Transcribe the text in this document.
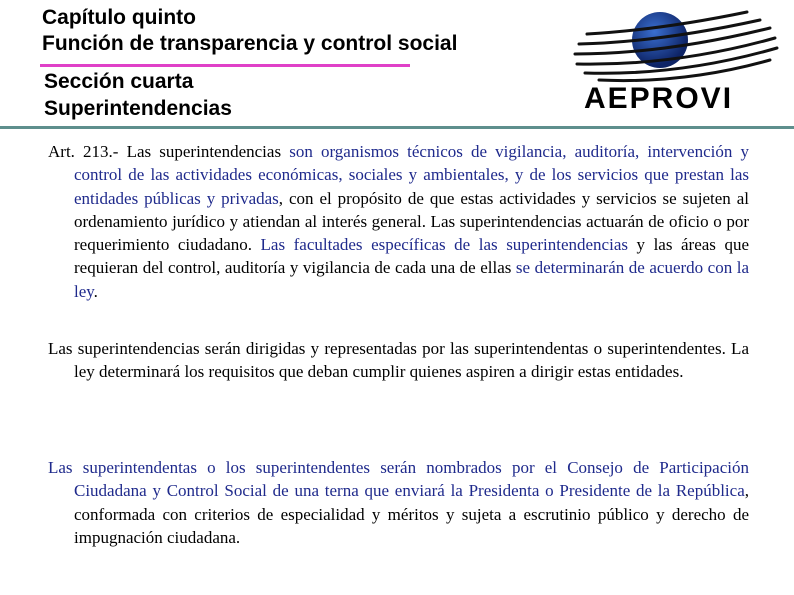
Capítulo quinto
Función de transparencia y control social
Sección cuarta
Superintendencias	AEPROVI
Art. 213.- Las superintendencias son organismos técnicos de vigilancia, auditoría, intervención y control de las actividades económicas, sociales y ambientales, y de los servicios que prestan las entidades públicas y privadas, con el propósito de que estas actividades y servicios se sujeten al ordenamiento jurídico y atiendan al interés general. Las superintendencias actuarán de oficio o por requerimiento ciudadano. Las facultades específicas de las superintendencias y las áreas que requieran del control, auditoría y vigilancia de cada una de ellas se determinarán de acuerdo con la ley.
Las superintendencias serán dirigidas y representadas por las superintendentas o superintendentes. La ley determinará los requisitos que deban cumplir quienes aspiren a dirigir estas entidades.
Las superintendentas o los superintendentes serán nombrados por el Consejo de Participación Ciudadana y Control Social de una terna que enviará la Presidenta o Presidente de la República, conformada con criterios de especialidad y méritos y sujeta a escrutinio público y derecho de impugnación ciudadana.
